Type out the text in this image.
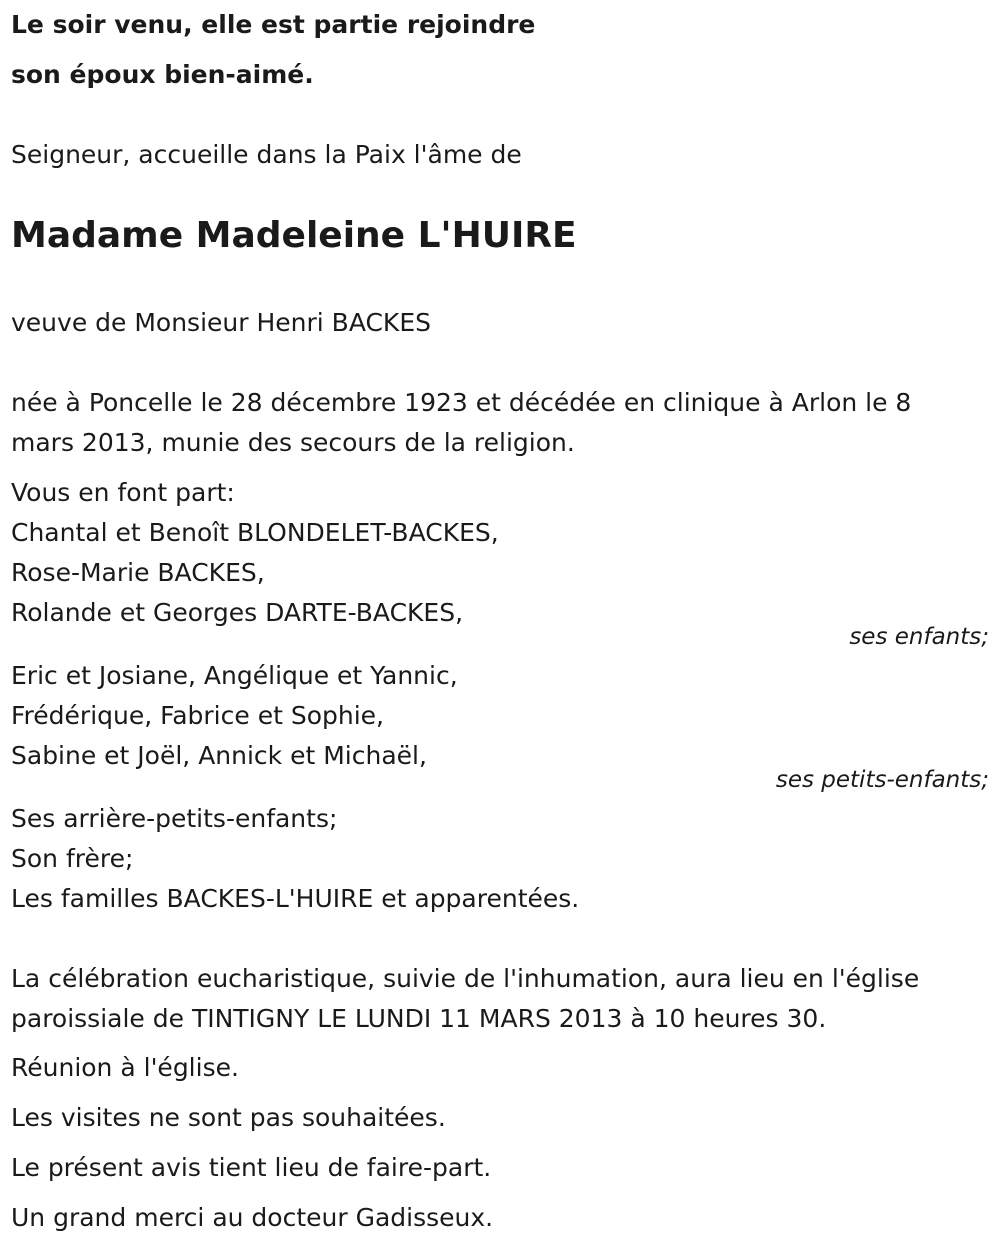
Le soir venu, elle est partie rejoindre
son époux bien-aimé.
Seigneur, accueille dans la Paix l'âme de
Madame Madeleine L'HUIRE
veuve de Monsieur Henri BACKES
née à Poncelle le 28 décembre 1923 et décédée en clinique à Arlon le 8
mars 2013, munie des secours de la religion.
Vous en font part:
Chantal et Benoît BLONDELET-BACKES,
Rose-Marie BACKES,
Rolande et Georges DARTE-BACKES,
ses enfants;
Eric et Josiane, Angélique et Yannic,
Frédérique, Fabrice et Sophie,
Sabine et Joël, Annick et Michaël,
ses petits-enfants;
Ses arrière-petits-enfants;
Son frère;
Les familles BACKES-L'HUIRE et apparentées.
La célébration eucharistique, suivie de l'inhumation, aura lieu en l'église
paroissiale de TINTIGNY LE LUNDI 11 MARS 2013 à 10 heures 30.
Réunion à l'église.
Les visites ne sont pas souhaitées.
Le présent avis tient lieu de faire-part.
Un grand merci au docteur Gadisseux.
